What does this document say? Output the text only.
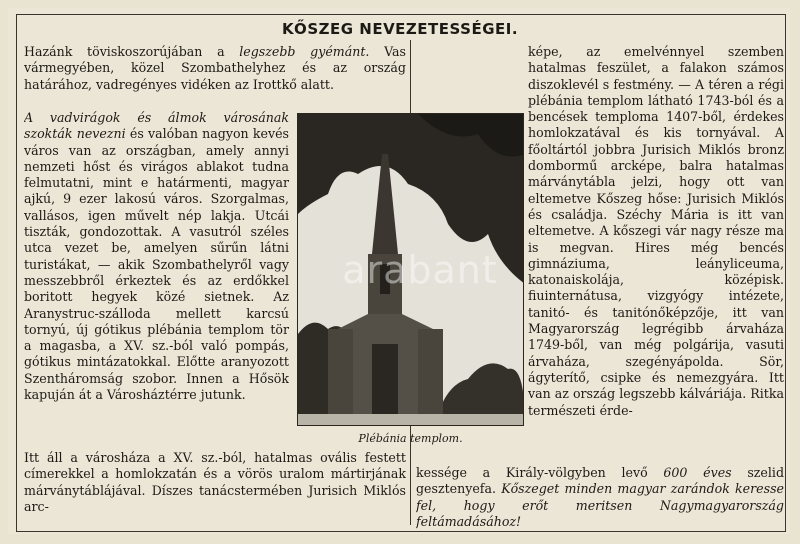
KŐSZEG NEVEZETESSÉGEI.

Hazánk töviskoszorújában a legszebb gyémánt. Vas vármegyében, közel Szombathelyhez és az ország határához, vadregényes vidéken az Irottkő alatt.

A vadvirágok és álmok városának szokták nevezni és valóban nagyon kevés város van az országban, amely annyi nemzeti hőst és virágos ablakot tudna felmutatni, mint e határmenti, magyar ajkú, 9 ezer lakosú város. Szorgalmas, vallásos, igen művelt nép lakja. Utcái tiszták, gondozottak. A vasutról széles utca vezet be, amelyen sűrűn látni turistákat, — akik Szombathelyről vagy messzebbről érkeztek és az erdőkkel boritott hegyek közé sietnek. Az Aranystruc-szálloda mellett karcsú tornyú, új gótikus plébánia templom tör a magasba, a XV. sz.-ból való pompás, gótikus mintázatokkal. Előtte aranyozott Szentháromság szobor. Innen a Hősök kapuján át a Városháztérre jutunk.

Itt áll a városháza a XV. sz.-ból, hatalmas ovális festett címerekkel a homlokzatán és a vörös uralom mártirjának márványtáblájával. Díszes tanácstermében Jurisich Miklós arc-

képe, az emelvénnyel szemben hatalmas feszület, a falakon számos diszoklevél s festmény. — A téren a régi plébánia templom látható 1743-ból és a bencések temploma 1407-ből, érdekes homlokzatával és kis tornyával. A főoltártól jobbra Jurisich Miklós bronz dombormű arcképe, balra hatalmas márványtábla jelzi, hogy ott van eltemetve Kőszeg hőse: Jurisich Miklós és családja. Széchy Mária is itt van eltemetve. A kőszegi vár nagy része ma is megvan. Hires még bencés gimnáziuma, leányliceuma, katonaiskolája, középisk. fiuinternátusa, vizgyógy intézete, tanitó- és tanitónőképzője, itt van Magyarország legrégibb árvaháza 1749-ből, van még polgárija, vasuti árvaháza, szegényápolda. Sör, ágyterítő, csipke és nemezgyára. Itt van az ország legszebb kálváriája. Ritka természeti érde-

kessége a Király-völgyben levő 600 éves szelid gesztenyefa. Kőszeget minden magyar zarándok keresse fel, hogy erőt meritsen Nagymagyarország feltámadásához!

Plébánia templom.
arabant
